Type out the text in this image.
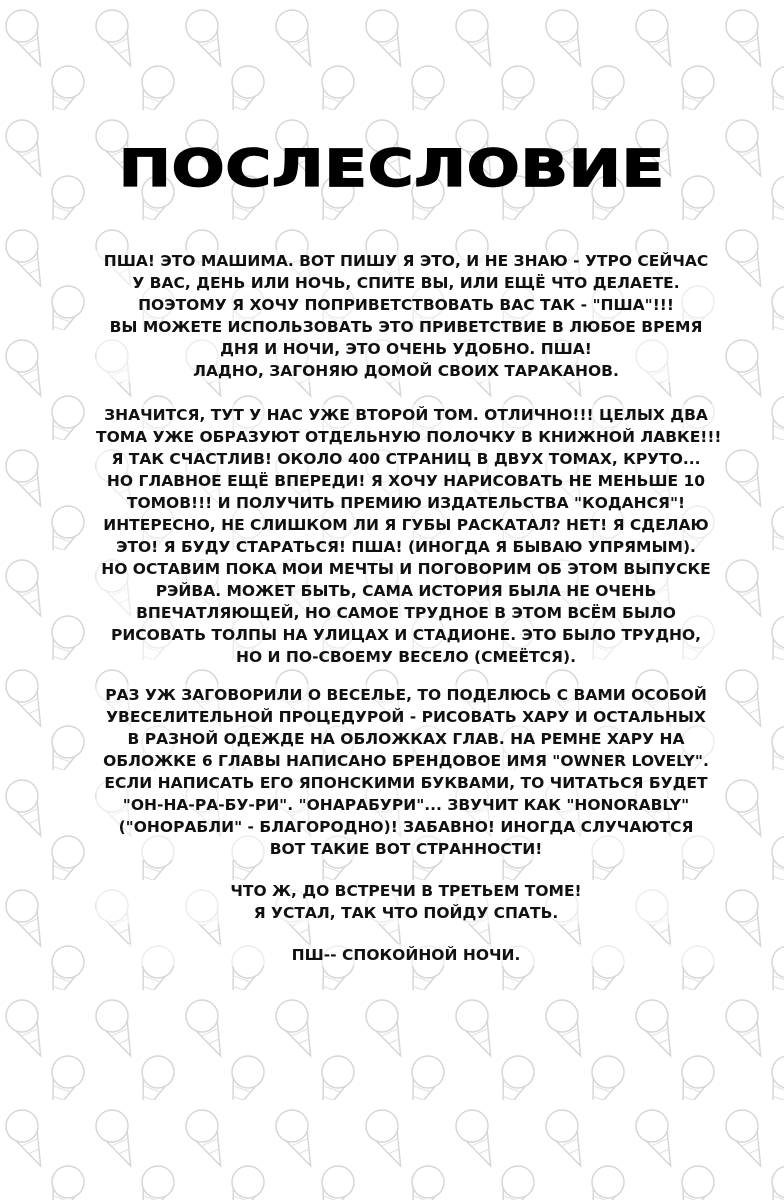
ПОСЛЕСЛОВИЕ

ПША! ЭТО МАШИМА. ВОТ ПИШУ Я ЭТО, И НЕ ЗНАЮ - УТРО СЕЙЧАС
У ВАС, ДЕНЬ ИЛИ НОЧЬ, СПИТЕ ВЫ, ИЛИ ЕЩЁ ЧТО ДЕЛАЕТЕ.
ПОЭТОМУ Я ХОЧУ ПОПРИВЕТСТВОВАТЬ ВАС ТАК - "ПША"!!!
ВЫ МОЖЕТЕ ИСПОЛЬЗОВАТЬ ЭТО ПРИВЕТСТВИЕ В ЛЮБОЕ ВРЕМЯ
ДНЯ И НОЧИ, ЭТО ОЧЕНЬ УДОБНО. ПША!
ЛАДНО, ЗАГОНЯЮ ДОМОЙ СВОИХ ТАРАКАНОВ.

ЗНАЧИТСЯ, ТУТ У НАС УЖЕ ВТОРОЙ ТОМ. ОТЛИЧНО!!! ЦЕЛЫХ ДВА
ТОМА УЖЕ ОБРАЗУЮТ ОТДЕЛЬНУЮ ПОЛОЧКУ В КНИЖНОЙ ЛАВКЕ!!!
Я ТАК СЧАСТЛИВ! ОКОЛО 400 СТРАНИЦ В ДВУХ ТОМАХ, КРУТО...
НО ГЛАВНОЕ ЕЩЁ ВПЕРЕДИ! Я ХОЧУ НАРИСОВАТЬ НЕ МЕНЬШЕ 10
ТОМОВ!!! И ПОЛУЧИТЬ ПРЕМИЮ ИЗДАТЕЛЬСТВА "КОДАНСЯ"!
ИНТЕРЕСНО, НЕ СЛИШКОМ ЛИ Я ГУБЫ РАСКАТАЛ? НЕТ! Я СДЕЛАЮ
ЭТО! Я БУДУ СТАРАТЬСЯ! ПША! (ИНОГДА Я БЫВАЮ УПРЯМЫМ).
НО ОСТАВИМ ПОКА МОИ МЕЧТЫ И ПОГОВОРИМ ОБ ЭТОМ ВЫПУСКЕ
РЭЙВА. МОЖЕТ БЫТЬ, САМА ИСТОРИЯ БЫЛА НЕ ОЧЕНЬ
ВПЕЧАТЛЯЮЩЕЙ, НО САМОЕ ТРУДНОЕ В ЭТОМ ВСЁМ БЫЛО
РИСОВАТЬ ТОЛПЫ НА УЛИЦАХ И СТАДИОНЕ. ЭТО БЫЛО ТРУДНО,
НО И ПО-СВОЕМУ ВЕСЕЛО (СМЕЁТСЯ).

РАЗ УЖ ЗАГОВОРИЛИ О ВЕСЕЛЬЕ, ТО ПОДЕЛЮСЬ С ВАМИ ОСОБОЙ
УВЕСЕЛИТЕЛЬНОЙ ПРОЦЕДУРОЙ - РИСОВАТЬ ХАРУ И ОСТАЛЬНЫХ
В РАЗНОЙ ОДЕЖДЕ НА ОБЛОЖКАХ ГЛАВ. НА РЕМНЕ ХАРУ НА
ОБЛОЖКЕ 6 ГЛАВЫ НАПИСАНО БРЕНДОВОЕ ИМЯ "OWNER LOVELY".
ЕСЛИ НАПИСАТЬ ЕГО ЯПОНСКИМИ БУКВАМИ, ТО ЧИТАТЬСЯ БУДЕТ
"ОН-НА-РА-БУ-РИ". "ОНАРАБУРИ"... ЗВУЧИТ КАК "HONORABLY"
("ОНОРАБЛИ" - БЛАГОРОДНО)! ЗАБАВНО! ИНОГДА СЛУЧАЮТСЯ
ВОТ ТАКИЕ ВОТ СТРАННОСТИ!

ЧТО Ж, ДО ВСТРЕЧИ В ТРЕТЬЕМ ТОМЕ!
Я УСТАЛ, ТАК ЧТО ПОЙДУ СПАТЬ.

ПШ-- СПОКОЙНОЙ НОЧИ.
